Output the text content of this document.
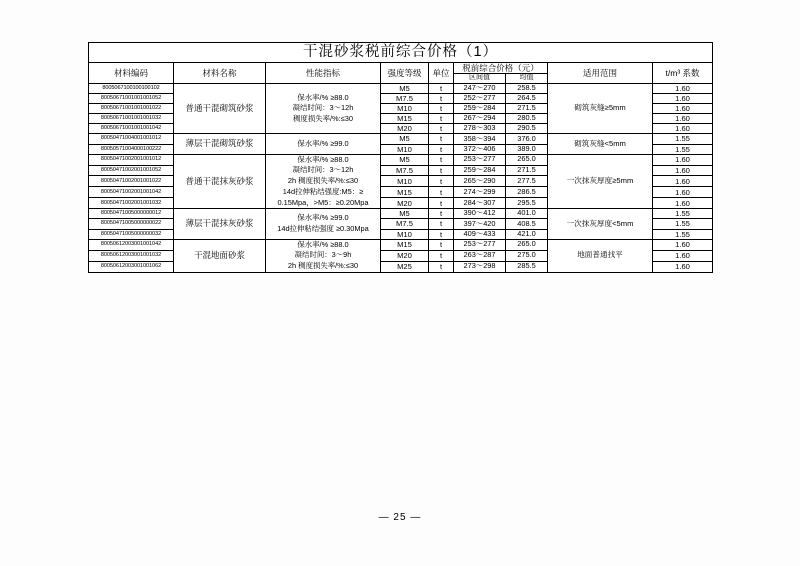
干混砂浆税前综合价格（1）								
材料编码	材料名称	性能指标	强度等级	单位	税前综合价格（元）		适用范围	t/m³ 系数
					区间值	均值		
8005067100100100102	普通干混砌筑砂浆	保水率/% ≥88.0
凝结时间：3～12h
稠度损失率/%:≤30	M5	t	247～270	258.5	砌筑灰缝≥5mm	1.60
80050671001001001052			M7.5	t	252～277	264.5		1.60
80050671001001001022			M10	t	259～284	271.5		1.60
80050671001001001032			M15	t	267～294	280.5		1.60
80050671001001001042			M20	t	278～303	290.5		1.60
80050471004001001012	薄层干混砌筑砂浆	保水率/% ≥99.0	M5	t	358～394	376.0	砌筑灰缝<5mm	1.55
80050571004000100222			M10	t	372～406	389.0		1.55
80050471002001001012	普通干混抹灰砂浆	保水率/% ≥88.0
凝结时间：3～12h
2h 稠度损失率/%:≤30
14d拉伸粘结强度:M5：≥
0.15Mpa，>M5：≥0.20Mpa	M5	t	253～277	265.0	一次抹灰厚度≥5mm	1.60
80050471002001001052			M7.5	t	259～284	271.5		1.60
80050471002001001022			M10	t	265～290	277.5		1.60
80050471002001001042			M15	t	274～299	286.5		1.60
80050471002001001032			M20	t	284～307	295.5		1.60
80050471005000000012	薄层干混抹灰砂浆	保水率/% ≥99.0
14d拉伸粘结强度 ≥0.30Mpa	M5	t	390～412	401.0	一次抹灰厚度<5mm	1.55
80050471005000000022			M7.5	t	397～420	408.5		1.55
80050471005000000032			M10	t	409～433	421.0		1.55
80050612003001001042	干混地面砂浆	保水率/% ≥88.0
凝结时间：3～9h
2h 稠度损失率/%:≤30	M15	t	253～277	265.0	地面普通找平	1.60
80050612003001001032			M20	t	263～287	275.0		1.60
80050612003001001062			M25	t	273～298	285.5		1.60
— 25 —
